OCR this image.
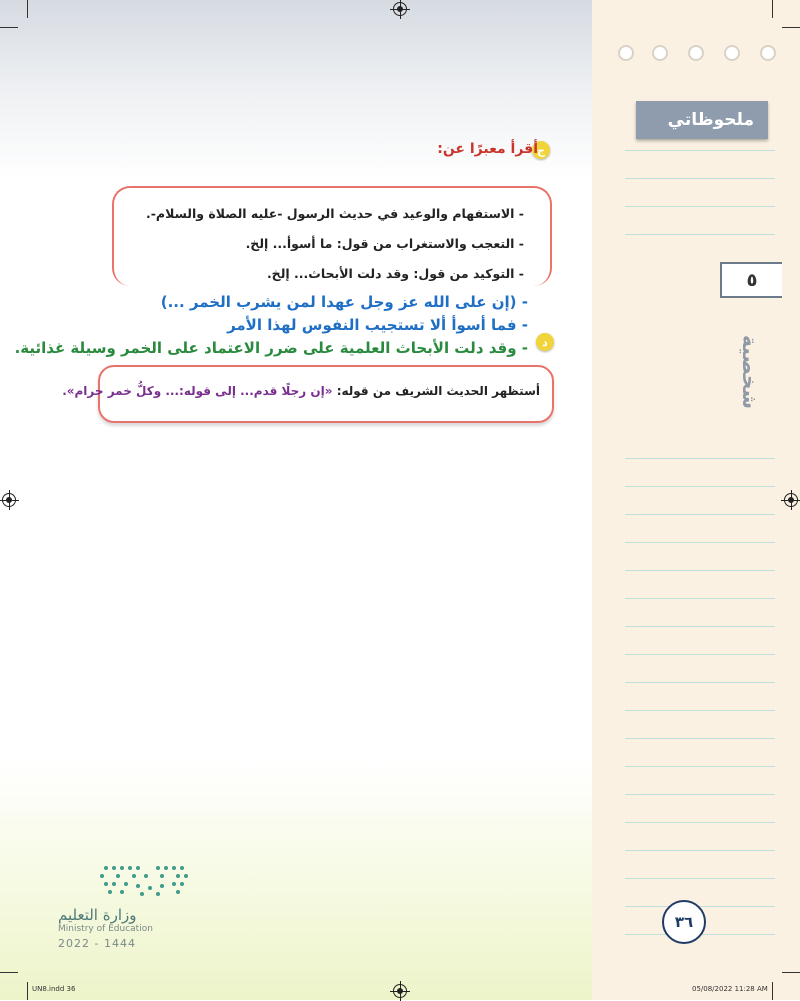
ملحوظاتي
٥
شخصية
ج
أقرأ معبرًا عن:
- الاستفهام والوعيد في حديث الرسول -عليه الصلاة والسلام-.
- التعجب والاستغراب من قول: ما أسوأ... إلخ.
- التوكيد من قول: وقد دلت الأبحاث... إلخ.
- (إن على الله عز وجل عهدا لمن يشرب الخمر ...)
- فما أسوأ ألا تستجيب النفوس لهذا الأمر
- وقد دلت الأبحاث العلمية على ضرر الاعتماد على الخمر وسيلة غذائية.	د
أستظهر الحديث الشريف من قوله: «إن رجلًا قدم... إلى قوله:... وكلُّ خمر حرام».
وزارة التعليم
Ministry of Education
2022 - 1444
٣٦
UN8.indd 36	05/08/2022 11:28 AM
